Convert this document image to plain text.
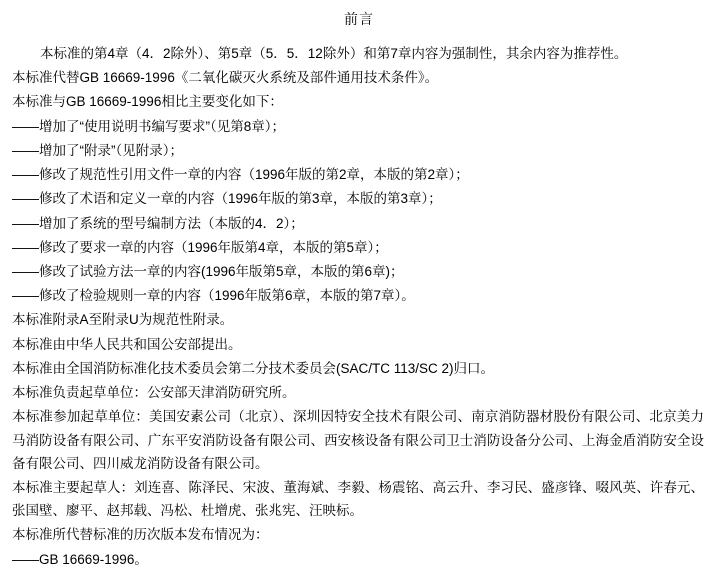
前言
本标准的第4章（4．2除外）、第5章（5．5．12除外）和第7章内容为强制性，其余内容为推荐性。
本标准代替GB 16669-1996《二氧化碳灭火系统及部件通用技术条件》。
本标准与GB 16669-1996相比主要变化如下：
——增加了“使用说明书编写要求”（见第8章）；
——增加了“附录”（见附录）；
——修改了规范性引用文件一章的内容（1996年版的第2章，本版的第2章）；
——修改了术语和定义一章的内容（1996年版的第3章，本版的第3章）；
——增加了系统的型号编制方法（本版的4．2）；
——修改了要求一章的内容（1996年版第4章，本版的第5章）；
——修改了试验方法一章的内容(1996年版第5章，本版的第6章)；
——修改了检验规则一章的内容（1996年版第6章，本版的第7章）。
本标准附录A至附录U为规范性附录。
本标准由中华人民共和国公安部提出。
本标准由全国消防标准化技术委员会第二分技术委员会(SAC/TC 113/SC 2)归口。
本标准负责起草单位：公安部天津消防研究所。
本标准参加起草单位：美国安素公司（北京）、深圳因特安全技术有限公司、南京消防器材股份有限公司、北京美力马消防设备有限公司、广东平安消防设备有限公司、西安核设备有限公司卫士消防设备分公司、上海金盾消防安全设备有限公司、四川威龙消防设备有限公司。
本标准主要起草人：刘连喜、陈泽民、宋波、董海斌、李毅、杨震铭、高云升、李习民、盛彦锋、啜风英、许春元、张国壁、廖平、赵邦载、冯松、杜增虎、张兆宪、汪映标。
本标准所代替标准的历次版本发布情况为：
——GB 16669-1996。
